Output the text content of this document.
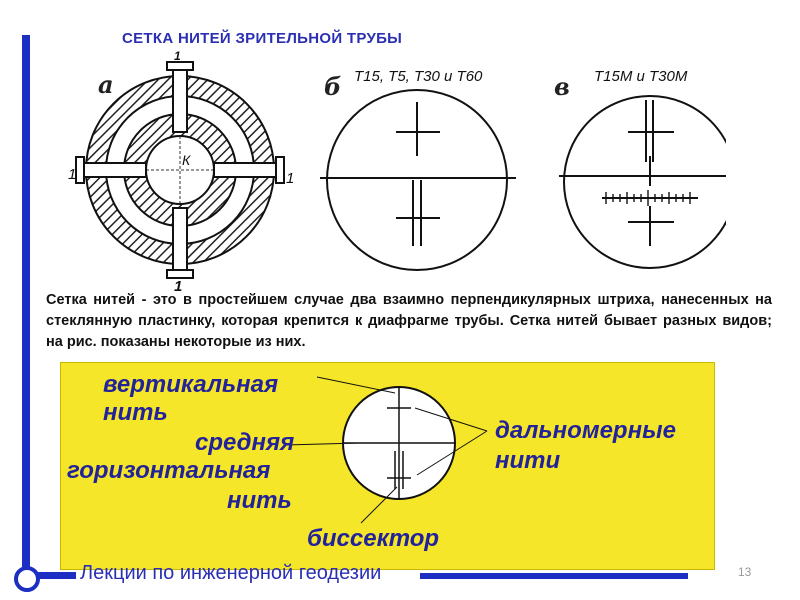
СЕТКА НИТЕЙ ЗРИТЕЛЬНОЙ ТРУБЫ
а	б	в
Т15, Т5, Т30 и Т60	Т15М и Т30М
1
1
1	1
К
Сетка нитей - это в простейшем случае два взаимно перпендикулярных штриха, нанесенных на стеклянную пластинку, которая крепится к диафрагме трубы. Сетка нитей бывает разных видов; на рис. показаны некоторые из них.
вертикальная
нить
средняя
горизонтальная
нить
дальномерные
нити
биссектор
Лекции по инженерной геодезии	13
